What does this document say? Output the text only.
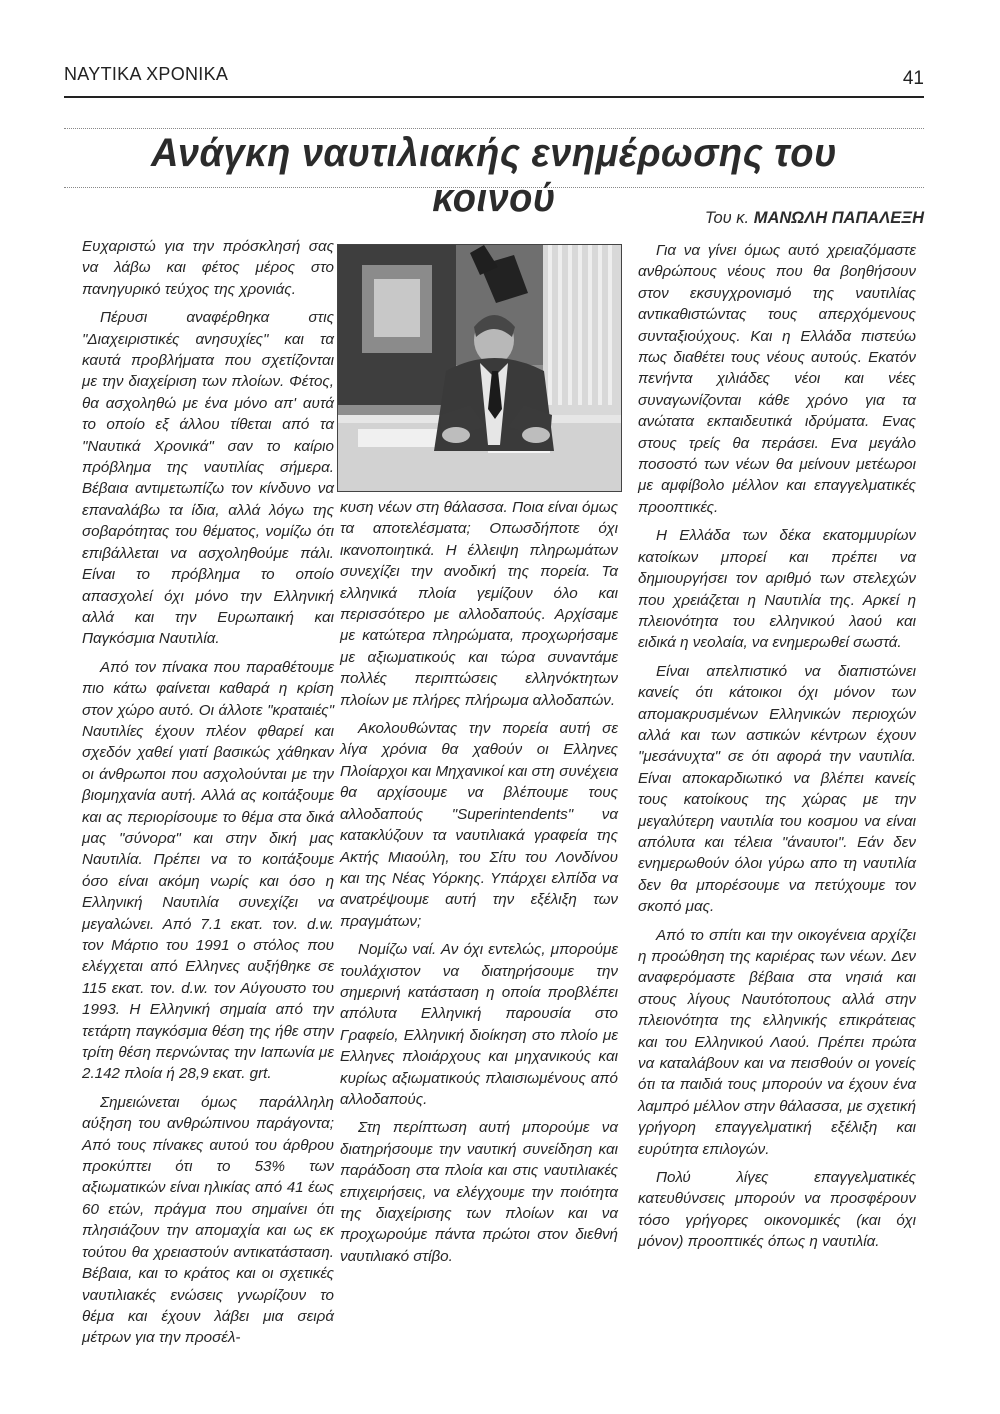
ΝΑΥΤΙΚΑ ΧΡΟΝΙΚΑ	41
Ανάγκη ναυτιλιακής ενημέρωσης του κοινού	Του κ. ΜΑΝΩΛΗ ΠΑΠΑΛΕΞΗ

Ευχαριστώ για την πρόσκλησή σας να λάβω και φέτος μέρος στο πανηγυρικό τεύχος της χρονιάς.

Πέρυσι αναφέρθηκα στις "Διαχειριστικές ανησυχίες" και τα καυτά προβλήματα που σχετίζονται με την διαχείριση των πλοίων. Φέτος, θα ασχοληθώ με ένα μόνο απ' αυτά το οποίο εξ άλλου τίθεται από τα "Ναυτικά Χρονικά" σαν το καίριο πρόβλημα της ναυτιλίας σήμερα. Βέβαια αντιμετωπίζω τον κίνδυνο να επαναλάβω τα ίδια, αλλά λόγω της σοβαρότητας του θέματος, νομίζω ότι επιβάλλεται να ασχοληθούμε πάλι. Είναι το πρόβλημα το οποίο απασχολεί όχι μόνο την Ελληνική αλλά και την Ευρωπαική και Παγκόσμια Ναυτιλία.

Από τον πίνακα που παραθέτουμε πιο κάτω φαίνεται καθαρά η κρίση στον χώρο αυτό. Οι άλλοτε "κραταιές" Ναυτιλίες έχουν πλέον φθαρεί και σχεδόν χαθεί γιατί βασικώς χάθηκαν οι άνθρωποι που ασχολούνται με την βιομηχανία αυτή. Αλλά ας κοιτάξουμε και ας περιορίσουμε το θέμα στα δικά μας "σύνορα" και στην δική μας Ναυτιλία. Πρέπει να το κοιτάξουμε όσο είναι ακόμη νωρίς και όσο η Ελληνική Ναυτιλία συνεχίζει να μεγαλώνει. Από 7.1 εκατ. τον. d.w. τον Μάρτιο του 1991 ο στόλος που ελέγχεται από Ελληνες αυξήθηκε σε 115 εκατ. τον. d.w. τον Αύγουστο του 1993. Η Ελληνική σημαία από την τετάρτη παγκόσμια θέση της ήθε στην τρίτη θέση περνώντας την Ιαπωνία με 2.142 πλοία ή 28,9 εκατ. grt.

Σημειώνεται όμως παράλληλη αύξηση του ανθρώπινου παράγοντα; Από τους πίνακες αυτού του άρθρου προκύπτει ότι το 53% των αξιωματικών είναι ηλικίας από 41 έως 60 ετών, πράγμα που σημαίνει ότι πλησιάζουν την απομαχία και ως εκ τούτου θα χρειαστούν αντικατάσταση. Βέβαια, και το κράτος και οι σχετικές ναυτιλιακές ενώσεις γνωρίζουν το θέμα και έχουν λάβει μια σειρά μέτρων για την προσέλ-

κυση νέων στη θάλασσα. Ποια είναι όμως τα αποτελέσματα; Οπωσδήποτε όχι ικανοποιητικά. Η έλλειψη πληρωμάτων συνεχίζει την ανοδική της πορεία. Τα ελληνικά πλοία γεμίζουν όλο και περισσότερο με αλλοδαπούς. Αρχίσαμε με κατώτερα πληρώματα, προχωρήσαμε με αξιωματικούς και τώρα συναντάμε πολλές περιπτώσεις ελληνόκτητων πλοίων με πλήρες πλήρωμα αλλοδαπών.

Ακολουθώντας την πορεία αυτή σε λίγα χρόνια θα χαθούν οι Ελληνες Πλοίαρχοι και Μηχανικοί και στη συνέχεια θα αρχίσουμε να βλέπουμε τους αλλοδαπούς "Superintendents" να κατακλύζουν τα ναυτιλιακά γραφεία της Ακτής Μιαούλη, του Σίτυ του Λονδίνου και της Νέας Υόρκης. Υπάρχει ελπίδα να ανατρέψουμε αυτή την εξέλιξη των πραγμάτων;

Νομίζω ναί. Αν όχι εντελώς, μπορούμε τουλάχιστον να διατηρήσουμε την σημερινή κατάσταση η οποία προβλέπει απόλυτα Ελληνική παρουσία στο Γραφείο, Ελληνική διοίκηση στο πλοίο με Ελληνες πλοιάρχους και μηχανικούς και κυρίως αξιωματικούς πλαισιωμένους από αλλοδαπούς.

Στη περίπτωση αυτή μπορούμε να διατηρήσουμε την ναυτική συνείδηση και παράδοση στα πλοία και στις ναυτιλιακές επιχειρήσεις, να ελέγχουμε την ποιότητα της διαχείρισης των πλοίων και να προχωρούμε πάντα πρώτοι στον διεθνή ναυτιλιακό στίβο.

Για να γίνει όμως αυτό χρειαζόμαστε ανθρώπους νέους που θα βοηθήσουν στον εκσυγχρονισμό της ναυτιλίας αντικαθιστώντας τους απερχόμενους συνταξιούχους. Και η Ελλάδα πιστεύω πως διαθέτει τους νέους αυτούς. Εκατόν πενήντα χιλιάδες νέοι και νέες συναγωνίζονται κάθε χρόνο για τα ανώτατα εκπαιδευτικά ιδρύματα. Ενας στους τρείς θα περάσει. Ενα μεγάλο ποσοστό των νέων θα μείνουν μετέωροι με αμφίβολο μέλλον και επαγγελματικές προοπτικές.

Η Ελλάδα των δέκα εκατομμυρίων κατοίκων μπορεί και πρέπει να δημιουργήσει τον αριθμό των στελεχών που χρειάζεται η Ναυτιλία της. Αρκεί η πλειονότητα του ελληνικού λαού και ειδικά η νεολαία, να ενημερωθεί σωστά.

Είναι απελπιστικό να διαπιστώνει κανείς ότι κάτοικοι όχι μόνον των απομακρυσμένων Ελληνικών περιοχών αλλά και των αστικών κέντρων έχουν "μεσάνυχτα" σε ότι αφορά την ναυτιλία. Είναι αποκαρδιωτικό να βλέπει κανείς τους κατοίκους της χώρας με την μεγαλύτερη ναυτιλία του κοσμου να είναι απόλυτα και τέλεια "άναυτοι". Εάν δεν ενημερωθούν όλοι γύρω απο τη ναυτιλία δεν θα μπορέσουμε να πετύχουμε τον σκοπό μας.

Από το σπίτι και την οικογένεια αρχίζει η προώθηση της καριέρας των νέων. Δεν αναφερόμαστε βέβαια στα νησιά και στους λίγους Ναυτότοπους αλλά στην πλειονότητα της ελληνικής επικράτειας και του Ελληνικού Λαού. Πρέπει πρώτα να καταλάβουν και να πεισθούν οι γονείς ότι τα παιδιά τους μπορούν να έχουν ένα λαμπρό μέλλον στην θάλασσα, με σχετική γρήγορη επαγγελματική εξέλιξη και ευρύτητα επιλογών.

Πολύ λίγες επαγγελματικές κατευθύνσεις μπορούν να προσφέρουν τόσο γρήγορες οικονομικές (και όχι μόνον) προοπτικές όπως η ναυτιλία.
